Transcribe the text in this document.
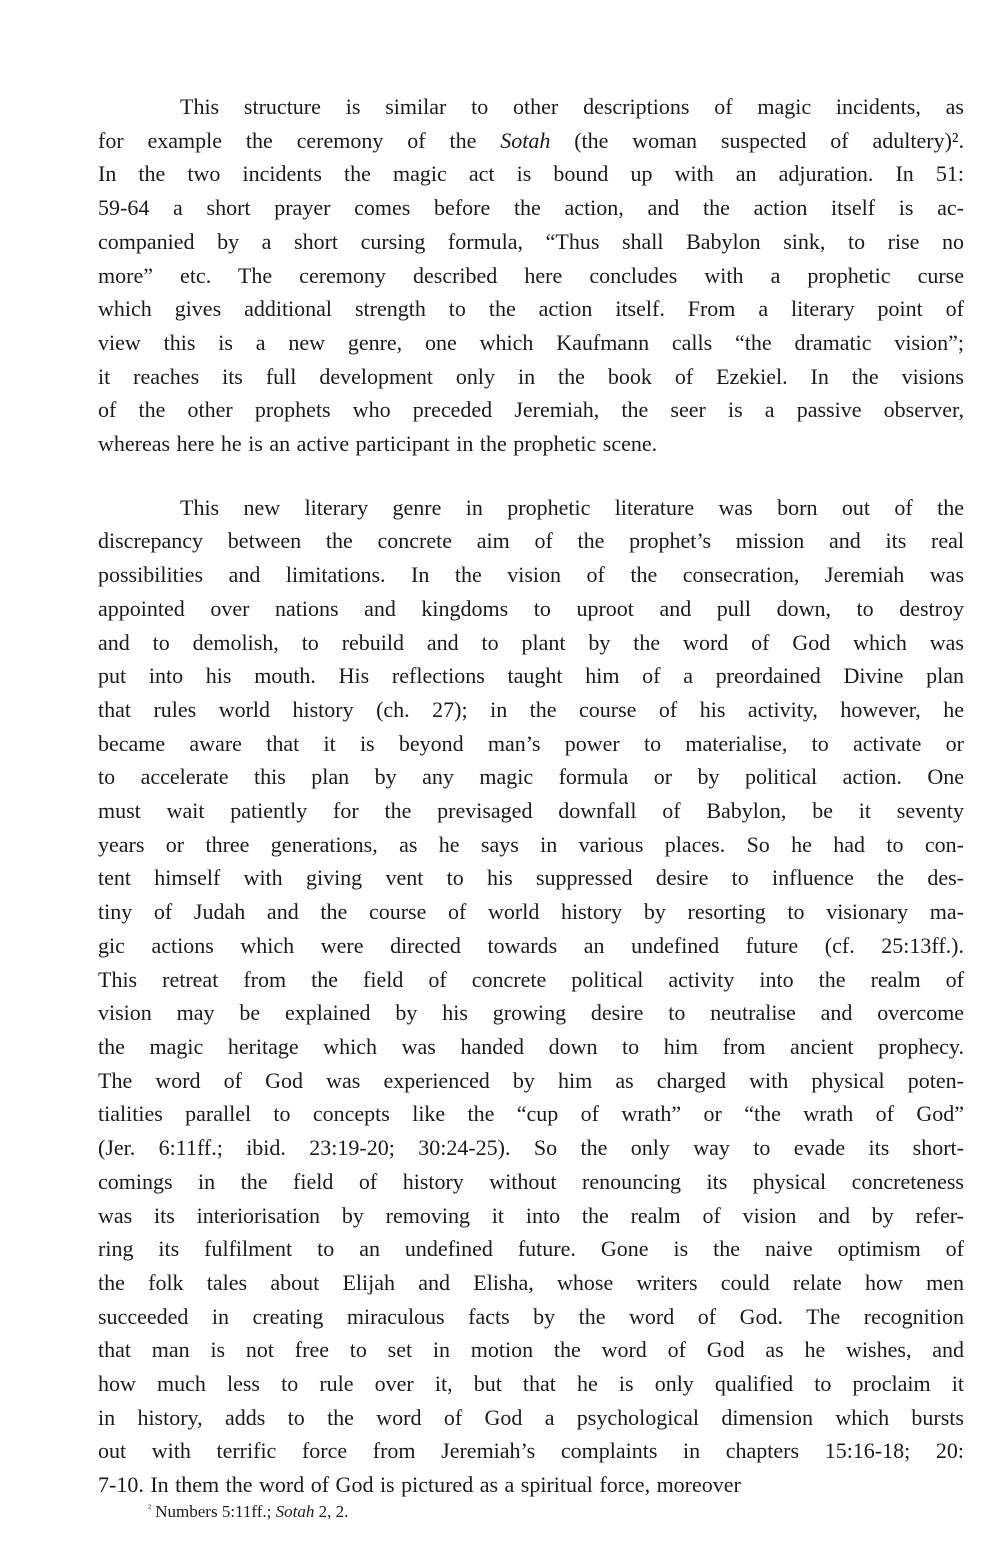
This structure is similar to other descriptions of magic incidents, as
for example the ceremony of the Sotah (the woman suspected of adultery)².
In the two incidents the magic act is bound up with an adjuration. In 51:
59-64 a short prayer comes before the action, and the action itself is ac-
companied by a short cursing formula, “Thus shall Babylon sink, to rise no
more” etc. The ceremony described here concludes with a prophetic curse
which gives additional strength to the action itself. From a literary point of
view this is a new genre, one which Kaufmann calls “the dramatic vision”;
it reaches its full development only in the book of Ezekiel. In the visions
of the other prophets who preceded Jeremiah, the seer is a passive observer,
whereas here he is an active participant in the prophetic scene.

This new literary genre in prophetic literature was born out of the
discrepancy between the concrete aim of the prophet’s mission and its real
possibilities and limitations. In the vision of the consecration, Jeremiah was
appointed over nations and kingdoms to uproot and pull down, to destroy
and to demolish, to rebuild and to plant by the word of God which was
put into his mouth. His reflections taught him of a preordained Divine plan
that rules world history (ch. 27); in the course of his activity, however, he
became aware that it is beyond man’s power to materialise, to activate or
to accelerate this plan by any magic formula or by political action. One
must wait patiently for the previsaged downfall of Babylon, be it seventy
years or three generations, as he says in various places. So he had to con-
tent himself with giving vent to his suppressed desire to influence the des-
tiny of Judah and the course of world history by resorting to visionary ma-
gic actions which were directed towards an undefined future (cf. 25:13ff.).
This retreat from the field of concrete political activity into the realm of
vision may be explained by his growing desire to neutralise and overcome
the magic heritage which was handed down to him from ancient prophecy.
The word of God was experienced by him as charged with physical poten-
tialities parallel to concepts like the “cup of wrath” or “the wrath of God”
(Jer. 6:11ff.; ibid. 23:19-20; 30:24-25). So the only way to evade its short-
comings in the field of history without renouncing its physical concreteness
was its interiorisation by removing it into the realm of vision and by refer-
ring its fulfilment to an undefined future. Gone is the naive optimism of
the folk tales about Elijah and Elisha, whose writers could relate how men
succeeded in creating miraculous facts by the word of God. The recognition
that man is not free to set in motion the word of God as he wishes, and
how much less to rule over it, but that he is only qualified to proclaim it
in history, adds to the word of God a psychological dimension which bursts
out with terrific force from Jeremiah’s complaints in chapters 15:16-18; 20:
7-10. In them the word of God is pictured as a spiritual force, moreover

$^{^2}$ Numbers 5:11ff.; Sotah 2, 2.
